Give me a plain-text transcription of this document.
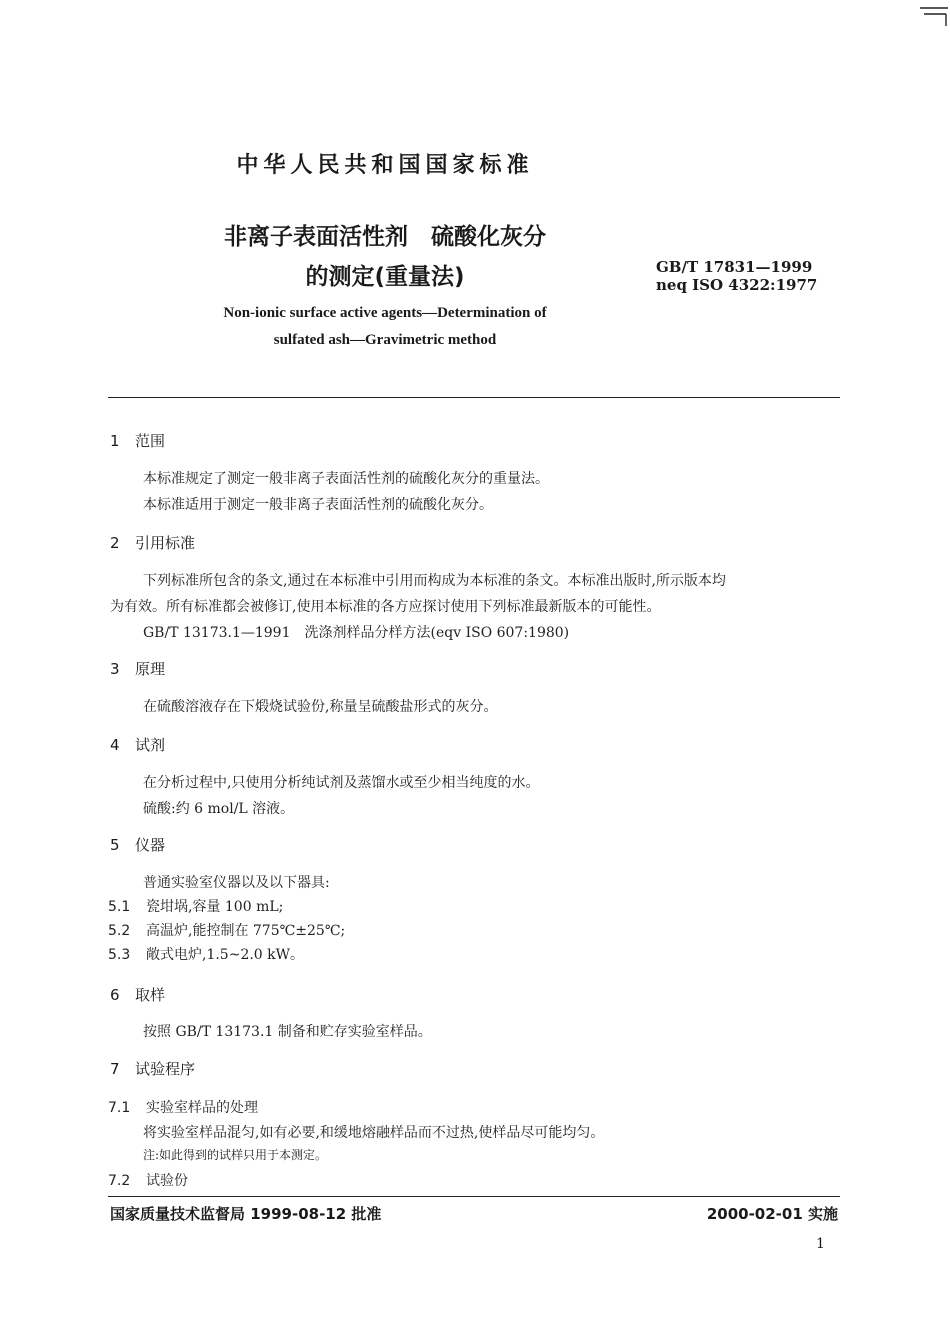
中华人民共和国国家标准
非离子表面活性剂　硫酸化灰分
的测定(重量法)	GB/T 17831—1999
neq ISO 4322:1977
Non-ionic surface active agents—Determination of
sulfated ash—Gravimetric method
1 范围
本标准规定了测定一般非离子表面活性剂的硫酸化灰分的重量法。
本标准适用于测定一般非离子表面活性剂的硫酸化灰分。
2 引用标准
下列标准所包含的条文,通过在本标准中引用而构成为本标准的条文。本标准出版时,所示版本均
为有效。所有标准都会被修订,使用本标准的各方应探讨使用下列标准最新版本的可能性。
GB/T 13173.1—1991　洗涤剂样品分样方法(eqv ISO 607:1980)
3 原理
在硫酸溶液存在下煅烧试验份,称量呈硫酸盐形式的灰分。
4 试剂
在分析过程中,只使用分析纯试剂及蒸馏水或至少相当纯度的水。
硫酸:约 6 mol/L 溶液。
5 仪器
普通实验室仪器以及以下器具:
5.1 瓷坩埚,容量 100 mL;
5.2 高温炉,能控制在 775℃±25℃;
5.3 敞式电炉,1.5~2.0 kW。
6 取样
按照 GB/T 13173.1 制备和贮存实验室样品。
7 试验程序
7.1 实验室样品的处理
将实验室样品混匀,如有必要,和缓地熔融样品而不过热,使样品尽可能均匀。
注:如此得到的试样只用于本测定。
7.2 试验份
国家质量技术监督局 1999-08-12 批准	2000-02-01 实施
1
